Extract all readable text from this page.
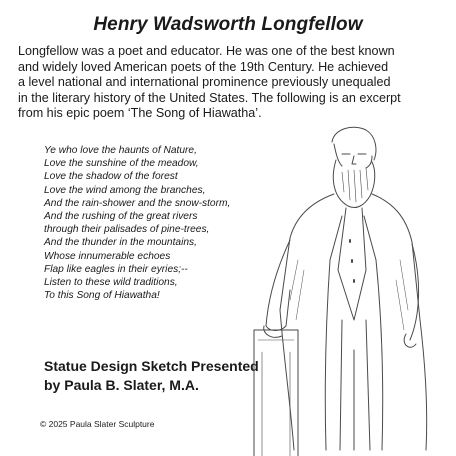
Henry Wadsworth Longfellow
Longfellow was a poet and educator. He was one of the best known
and widely loved American poets of the 19th Century. He achieved
a level national and international prominence previously unequaled
in the literary history of the United States. The following is an excerpt
from his epic poem ‘The Song of Hiawatha’.
Ye who love the haunts of Nature,
Love the sunshine of the meadow,
Love the shadow of the forest
Love the wind among the branches,
And the rain-shower and the snow-storm,
And the rushing of the great rivers
through their palisades of pine-trees,
And the thunder in the mountains,
Whose innumerable echoes
Flap like eagles in their eyries;--
Listen to these wild traditions,
To this Song of Hiawatha!
Statue Design Sketch Presented
by Paula B. Slater, M.A.
© 2025 Paula Slater Sculpture
